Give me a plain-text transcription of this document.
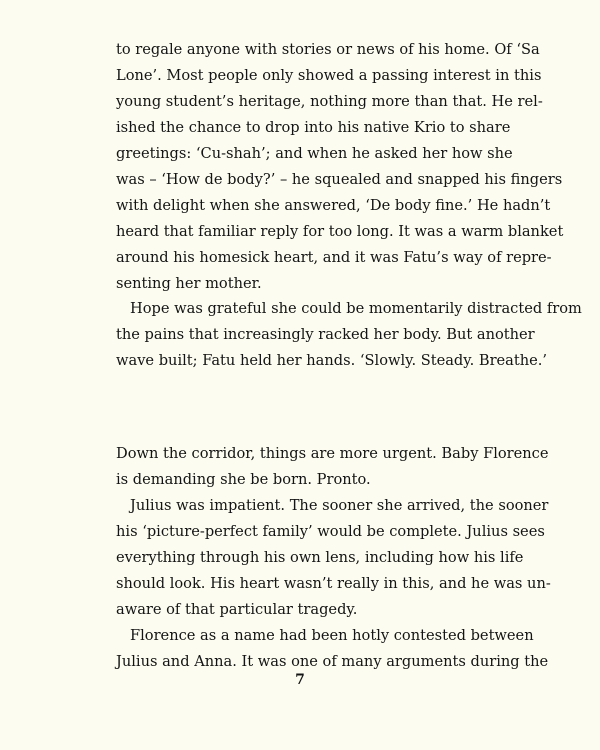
to regale anyone with stories or news of his home. Of ‘Sa
Lone’. Most people only showed a passing interest in this
young student’s heritage, nothing more than that. He rel-
ished the chance to drop into his native Krio to share
greetings: ‘Cu-shah’; and when he asked her how she
was – ‘How de body?’ – he squealed and snapped his fingers
with delight when she answered, ‘De body fine.’ He hadn’t
heard that familiar reply for too long. It was a warm blanket
around his homesick heart, and it was Fatu’s way of repre-
senting her mother.
Hope was grateful she could be momentarily distracted from
the pains that increasingly racked her body. But another
wave built; Fatu held her hands. ‘Slowly. Steady. Breathe.’
Down the corridor, things are more urgent. Baby Florence
is demanding she be born. Pronto.
Julius was impatient. The sooner she arrived, the sooner
his ‘picture-perfect family’ would be complete. Julius sees
everything through his own lens, including how his life
should look. His heart wasn’t really in this, and he was un-
aware of that particular tragedy.
Florence as a name had been hotly contested between
Julius and Anna. It was one of many arguments during the
7
